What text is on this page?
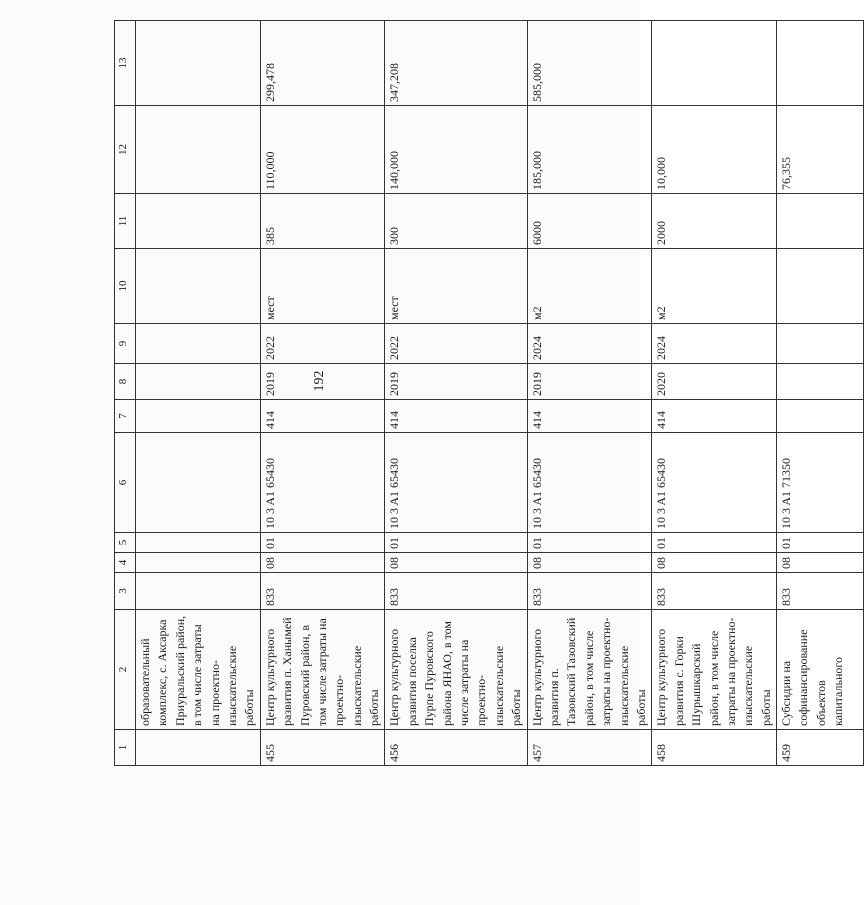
192
1	2	3	4	5	6	7	8	9	10	11	12	13
	образовательный комплекс, с. Аксарка Приуральский район, в том числе затраты на проектно-изыскательские работы											
455	Центр культурного развития п. Ханымей Пуровский район, в том числе затраты на проектно-изыскательские работы	833	08	01	10 3 A1 65430	414	2019	2022	мест	385	110,000	299,478
456	Центр культурного развития поселка Пурпе Пуровского района ЯНАО, в том числе затраты на проектно-изыскательские работы	833	08	01	10 3 A1 65430	414	2019	2022	мест	300	140,000	347,208
457	Центр культурного развития п. Тазовский Тазовский район, в том числе затраты на проектно-изыскательские работы	833	08	01	10 3 A1 65430	414	2019	2024	м2	6000	185,000	585,000
458	Центр культурного развития с. Горки Шурышкарский район, в том числе затраты на проектно-изыскательские работы	833	08	01	10 3 A1 65430	414	2020	2024	м2	2000	10,000	
459	Субсидии на софинансирование объектов капитального	833	08	01	10 3 A1 71350						76,355	
